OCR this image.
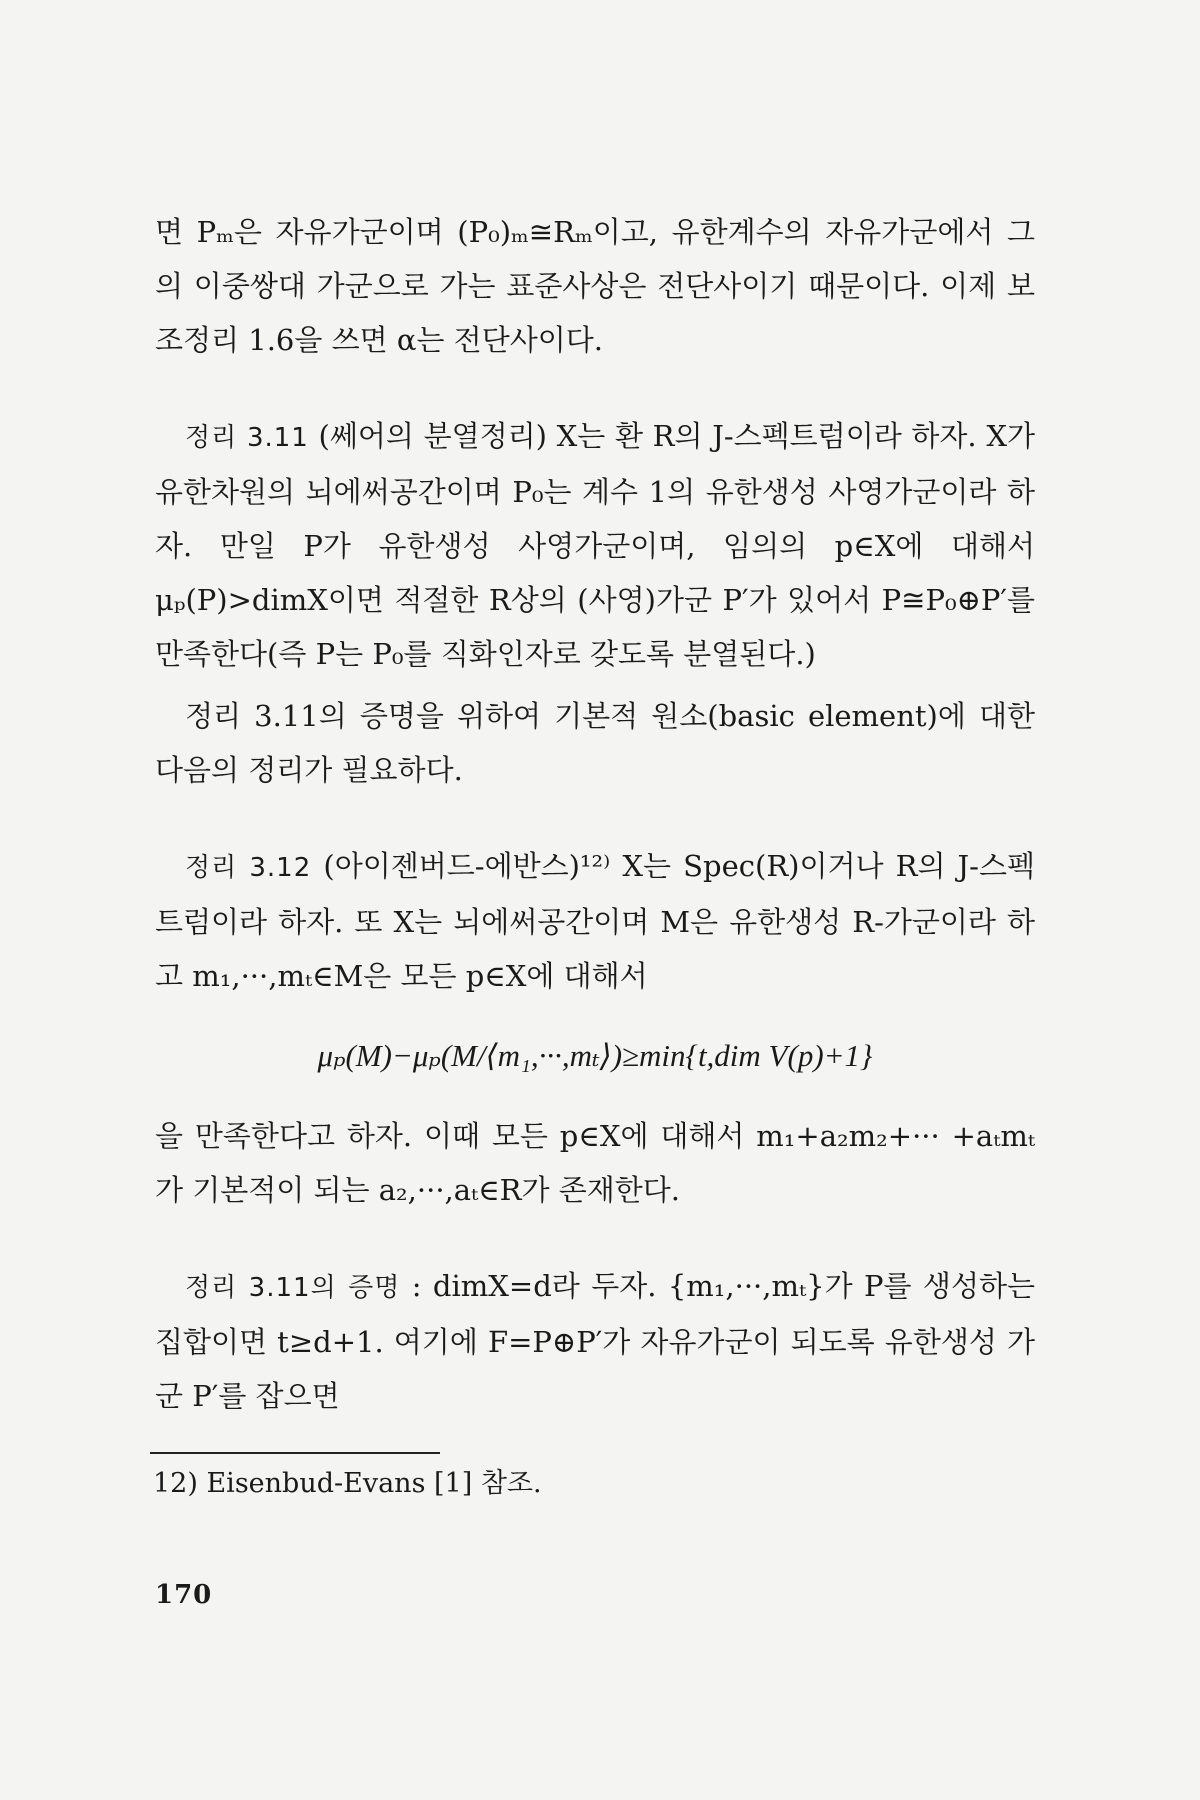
면 Pₘ은 자유가군이며 (P₀)ₘ≅Rₘ이고, 유한계수의 자유가군에서 그의 이중쌍대 가군으로 가는 표준사상은 전단사이기 때문이다. 이제 보조정리 1.6을 쓰면 α는 전단사이다.

정리 3.11 (쎄어의 분열정리) X는 환 R의 J-스펙트럼이라 하자. X가 유한차원의 뇌에써공간이며 P₀는 계수 1의 유한생성 사영가군이라 하자. 만일 P가 유한생성 사영가군이며, 임의의 p∈X에 대해서 μₚ(P)>dimX이면 적절한 R상의 (사영)가군 P′가 있어서 P≅P₀⊕P′를 만족한다(즉 P는 P₀를 직화인자로 갖도록 분열된다.)

정리 3.11의 증명을 위하여 기본적 원소(basic element)에 대한 다음의 정리가 필요하다.

정리 3.12 (아이젠버드-에반스)¹²⁾ X는 Spec(R)이거나 R의 J-스펙트럼이라 하자. 또 X는 뇌에써공간이며 M은 유한생성 R-가군이라 하고 m₁,···,mₜ∈M은 모든 p∈X에 대해서

μₚ(M)−μₚ(M/⟨m₁,···,mₜ⟩)≥min{t,dim V(p)+1}

을 만족한다고 하자. 이때 모든 p∈X에 대해서 m₁+a₂m₂+··· +aₜmₜ가 기본적이 되는 a₂,···,aₜ∈R가 존재한다.

정리 3.11의 증명 : dimX=d라 두자. {m₁,···,mₜ}가 P를 생성하는 집합이면 t≥d+1. 여기에 F=P⊕P′가 자유가군이 되도록 유한생성 가군 P′를 잡으면

12) Eisenbud-Evans [1] 참조.
170
